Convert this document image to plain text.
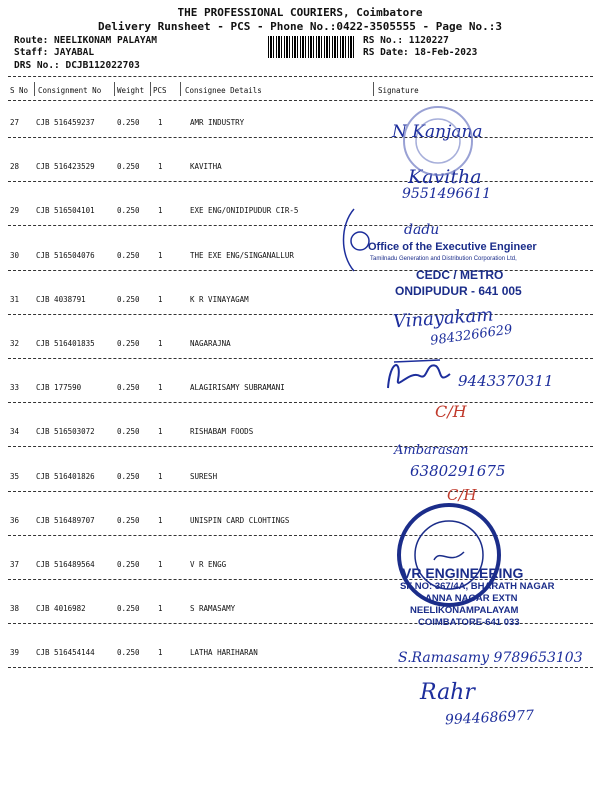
THE PROFESSIONAL COURIERS, Coimbatore
Delivery Runsheet - PCS - Phone No.:0422-3505555 - Page No.:3
Route: NEELIKONAM PALAYAM
Staff: JAYABAL
DRS No.: DCJB112022703
RS No.: 1120227
RS Date: 18-Feb-2023
S No Consignment No Weight PCS Consignee Details	Signature
27 CJB 516459237	0.250 1	AMR INDUSTRY
28 CJB 516423529	0.250 1	KAVITHA
29 CJB 516504101	0.250 1	EXE ENG/ONIDIPUDUR CIR-5
30 CJB 516504076	0.250 1	THE EXE ENG/SINGANALLUR
31 CJB 4038791	0.250 1	K R VINAYAGAM
32 CJB 516401835	0.250 1	NAGARAJNA
33 CJB 177590	0.250 1	ALAGIRISAMY SUBRAMANI
34 CJB 516503072	0.250 1	RISHABAM FOODS
35 CJB 516401826	0.250 1	SURESH
36 CJB 516489707	0.250 1	UNISPIN CARD CLOHTINGS
37 CJB 516489564	0.250 1	V R ENGG
38 CJB 4016982	0.250 1	S RAMASAMY
39 CJB 516454144	0.250 1	LATHA HARIHARAN
N Kanjana
Kavitha
9551496611
dadu
Vinayakam
9843266629
9443370311
C/H
Ambarasan
6380291675
C/H
S.Ramasamy 9789653103
Rahr
9944686977
Office of the Executive Engineer
Tamilnadu Generation and Distribution Corporation Ltd,
CEDC / METRO
ONDIPUDUR - 641 005
VR ENGINEERING
SF NO: 367/4A, BHARATH NAGAR
ANNA NAGAR EXTN
NEELIKONAMPALAYAM
COIMBATORE-641 033
